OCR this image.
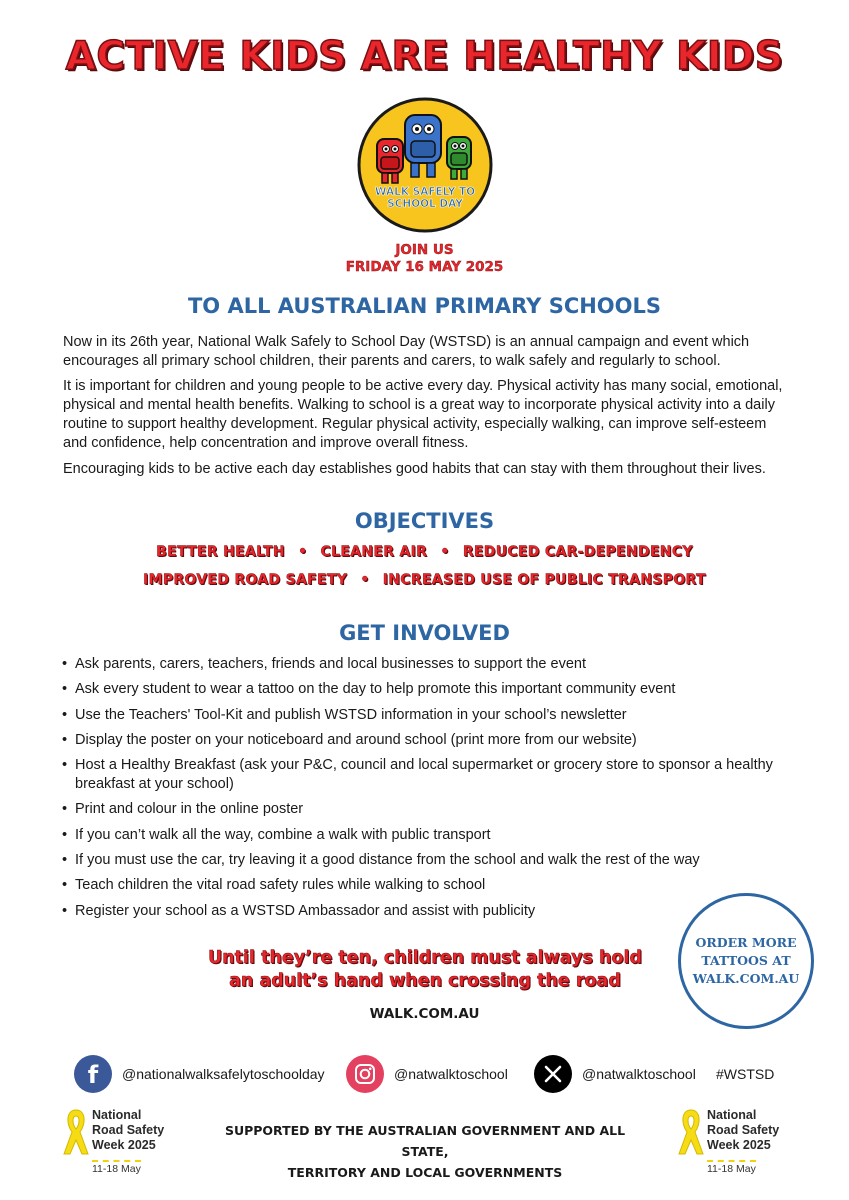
ACTIVE KIDS ARE HEALTHY KIDS
WALK SAFELY TO
SCHOOL DAY
JOIN US
FRIDAY 16 MAY 2025
TO ALL AUSTRALIAN PRIMARY SCHOOLS
Now in its 26th year, National Walk Safely to School Day (WSTSD) is an annual campaign and event which encourages all primary school children, their parents and carers, to walk safely and regularly to school.
It is important for children and young people to be active every day. Physical activity has many social, emotional, physical and mental health benefits. Walking to school is a great way to incorporate physical activity into a daily routine to support healthy development. Regular physical activity, especially walking, can improve self-esteem and confidence, help concentration and improve overall fitness.
Encouraging kids to be active each day establishes good habits that can stay with them throughout their lives.
OBJECTIVES
BETTER HEALTH • CLEANER AIR • REDUCED CAR-DEPENDENCY
IMPROVED ROAD SAFETY • INCREASED USE OF PUBLIC TRANSPORT
GET INVOLVED
• Ask parents, carers, teachers, friends and local businesses to support the event
• Ask every student to wear a tattoo on the day to help promote this important community event
• Use the Teachers' Tool-Kit and publish WSTSD information in your school’s newsletter
• Display the poster on your noticeboard and around school (print more from our website)
• Host a Healthy Breakfast (ask your P&C, council and local supermarket or grocery store to sponsor a healthy breakfast at your school)
• Print and colour in the online poster
• If you can’t walk all the way, combine a walk with public transport
• If you must use the car, try leaving it a good distance from the school and walk the rest of the way
• Teach children the vital road safety rules while walking to school
• Register your school as a WSTSD Ambassador and assist with publicity
Until they’re ten, children must always hold
an adult’s hand when crossing the road
ORDER MORE
TATTOOS AT
WALK.COM.AU
WALK.COM.AU
f @nationalwalksafelytoschoolday	@natwalktoschool	@natwalktoschool #WSTSD
National
Road Safety
Week 2025
11-18 May
SUPPORTED BY THE AUSTRALIAN GOVERNMENT AND ALL STATE,
TERRITORY AND LOCAL GOVERNMENTS
National
Road Safety
Week 2025
11-18 May
